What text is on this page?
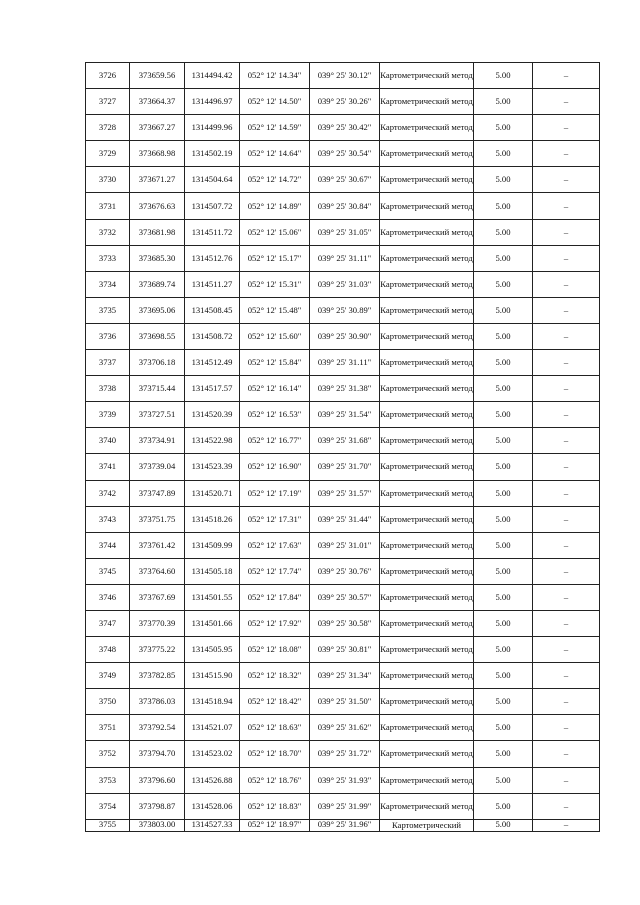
3726	373659.56	1314494.42	052° 12' 14.34"	039° 25' 30.12"	Картометрический метод	5.00	–
3727	373664.37	1314496.97	052° 12' 14.50"	039° 25' 30.26"	Картометрический метод	5.00	–
3728	373667.27	1314499.96	052° 12' 14.59"	039° 25' 30.42"	Картометрический метод	5.00	–
3729	373668.98	1314502.19	052° 12' 14.64"	039° 25' 30.54"	Картометрический метод	5.00	–
3730	373671.27	1314504.64	052° 12' 14.72"	039° 25' 30.67"	Картометрический метод	5.00	–
3731	373676.63	1314507.72	052° 12' 14.89"	039° 25' 30.84"	Картометрический метод	5.00	–
3732	373681.98	1314511.72	052° 12' 15.06"	039° 25' 31.05"	Картометрический метод	5.00	–
3733	373685.30	1314512.76	052° 12' 15.17"	039° 25' 31.11"	Картометрический метод	5.00	–
3734	373689.74	1314511.27	052° 12' 15.31"	039° 25' 31.03"	Картометрический метод	5.00	–
3735	373695.06	1314508.45	052° 12' 15.48"	039° 25' 30.89"	Картометрический метод	5.00	–
3736	373698.55	1314508.72	052° 12' 15.60"	039° 25' 30.90"	Картометрический метод	5.00	–
3737	373706.18	1314512.49	052° 12' 15.84"	039° 25' 31.11"	Картометрический метод	5.00	–
3738	373715.44	1314517.57	052° 12' 16.14"	039° 25' 31.38"	Картометрический метод	5.00	–
3739	373727.51	1314520.39	052° 12' 16.53"	039° 25' 31.54"	Картометрический метод	5.00	–
3740	373734.91	1314522.98	052° 12' 16.77"	039° 25' 31.68"	Картометрический метод	5.00	–
3741	373739.04	1314523.39	052° 12' 16.90"	039° 25' 31.70"	Картометрический метод	5.00	–
3742	373747.89	1314520.71	052° 12' 17.19"	039° 25' 31.57"	Картометрический метод	5.00	–
3743	373751.75	1314518.26	052° 12' 17.31"	039° 25' 31.44"	Картометрический метод	5.00	–
3744	373761.42	1314509.99	052° 12' 17.63"	039° 25' 31.01"	Картометрический метод	5.00	–
3745	373764.60	1314505.18	052° 12' 17.74"	039° 25' 30.76"	Картометрический метод	5.00	–
3746	373767.69	1314501.55	052° 12' 17.84"	039° 25' 30.57"	Картометрический метод	5.00	–
3747	373770.39	1314501.66	052° 12' 17.92"	039° 25' 30.58"	Картометрический метод	5.00	–
3748	373775.22	1314505.95	052° 12' 18.08"	039° 25' 30.81"	Картометрический метод	5.00	–
3749	373782.85	1314515.90	052° 12' 18.32"	039° 25' 31.34"	Картометрический метод	5.00	–
3750	373786.03	1314518.94	052° 12' 18.42"	039° 25' 31.50"	Картометрический метод	5.00	–
3751	373792.54	1314521.07	052° 12' 18.63"	039° 25' 31.62"	Картометрический метод	5.00	–
3752	373794.70	1314523.02	052° 12' 18.70"	039° 25' 31.72"	Картометрический метод	5.00	–
3753	373796.60	1314526.88	052° 12' 18.76"	039° 25' 31.93"	Картометрический метод	5.00	–
3754	373798.87	1314528.06	052° 12' 18.83"	039° 25' 31.99"	Картометрический метод	5.00	–
3755	373803.00	1314527.33	052° 12' 18.97"	039° 25' 31.96"	Картометрический	5.00	–
